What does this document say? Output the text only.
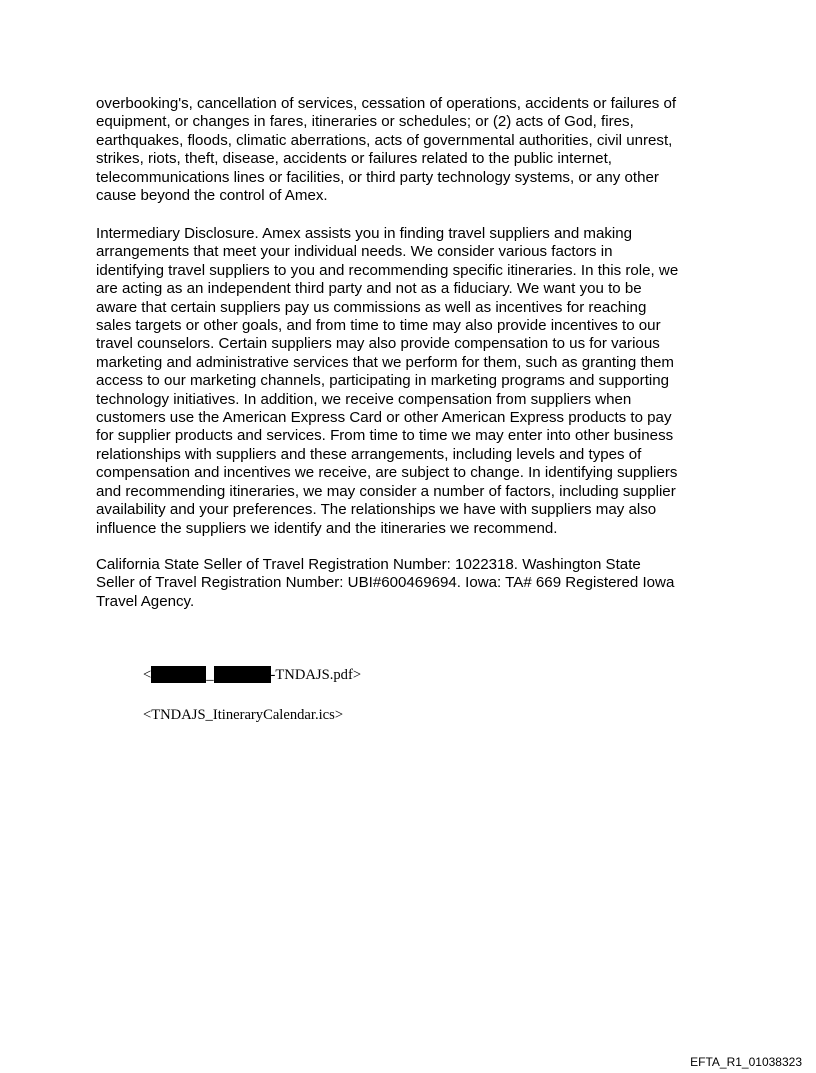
overbooking's, cancellation of services, cessation of operations, accidents or failures of
equipment, or changes in fares, itineraries or schedules; or (2) acts of God, fires,
earthquakes, floods, climatic aberrations, acts of governmental authorities, civil unrest,
strikes, riots, theft, disease, accidents or failures related to the public internet,
telecommunications lines or facilities, or third party technology systems, or any other
cause beyond the control of Amex.

Intermediary Disclosure. Amex assists you in finding travel suppliers and making
arrangements that meet your individual needs. We consider various factors in
identifying travel suppliers to you and recommending specific itineraries. In this role, we
are acting as an independent third party and not as a fiduciary. We want you to be
aware that certain suppliers pay us commissions as well as incentives for reaching
sales targets or other goals, and from time to time may also provide incentives to our
travel counselors. Certain suppliers may also provide compensation to us for various
marketing and administrative services that we perform for them, such as granting them
access to our marketing channels, participating in marketing programs and supporting
technology initiatives. In addition, we receive compensation from suppliers when
customers use the American Express Card or other American Express products to pay
for supplier products and services. From time to time we may enter into other business
relationships with suppliers and these arrangements, including levels and types of
compensation and incentives we receive, are subject to change. In identifying suppliers
and recommending itineraries, we may consider a number of factors, including supplier
availability and your preferences. The relationships we have with suppliers may also
influence the suppliers we identify and the itineraries we recommend.

California State Seller of Travel Registration Number: 1022318. Washington State
Seller of Travel Registration Number: UBI#600469694. Iowa: TA# 669 Registered Iowa
Travel Agency.

<	_	-TNDAJS.pdf>
<TNDAJS_ItineraryCalendar.ics>
EFTA_R1_01038323
